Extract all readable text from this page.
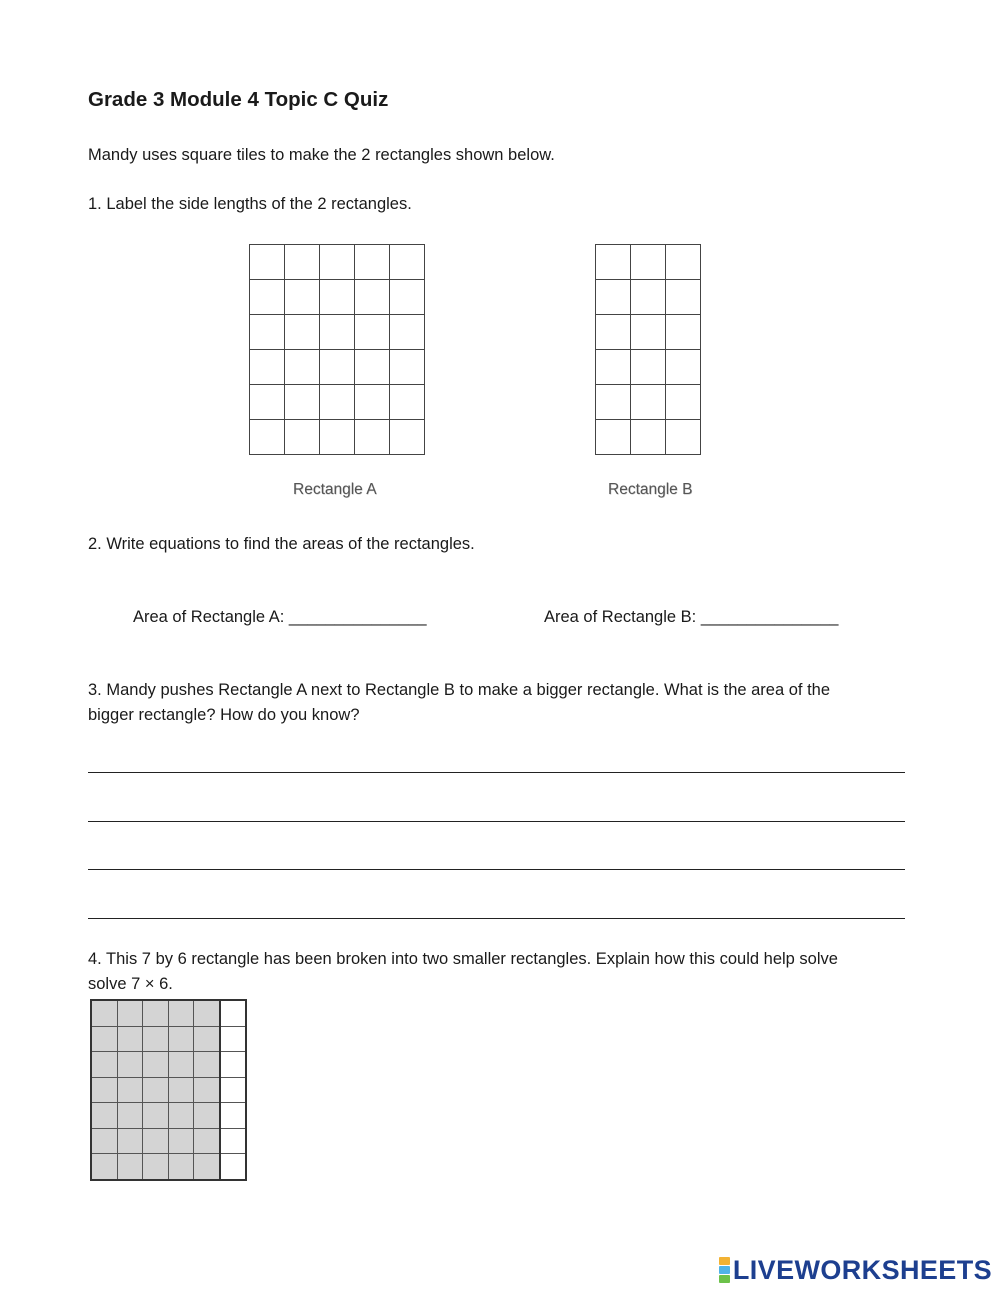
Grade 3 Module 4 Topic C Quiz
Mandy uses square tiles to make the 2 rectangles shown below.
1. Label the side lengths of the 2 rectangles.

Rectangle A

			Rectangle B
2. Write equations to find the areas of the rectangles.
Area of Rectangle A: _______________	Area of Rectangle B: _______________
3. Mandy pushes Rectangle A next to Rectangle B to make a bigger rectangle. What is the area of the
bigger rectangle? How do you know?
4. This 7 by 6 rectangle has been broken into two smaller rectangles. Explain how this could help solve
solve 7 × 6.

LIVEWORKSHEETS
